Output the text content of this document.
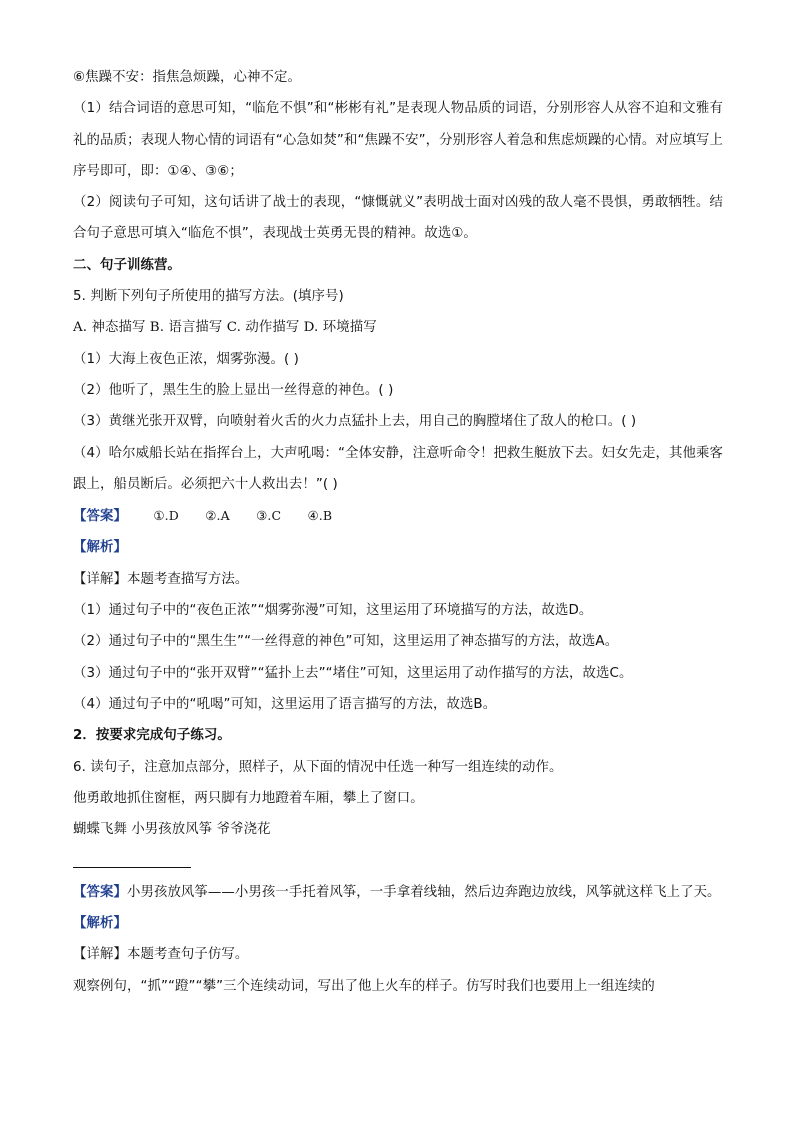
⑥焦躁不安：指焦急烦躁，心神不定。
（1）结合词语的意思可知，“临危不惧”和“彬彬有礼”是表现人物品质的词语，分别形容人从容不迫和文雅有礼的品质；表现人物心情的词语有“心急如焚”和“焦躁不安”，分别形容人着急和焦虑烦躁的心情。对应填写上序号即可，即：①④、③⑥；
（2）阅读句子可知，这句话讲了战士的表现，“慷慨就义”表明战士面对凶残的敌人毫不畏惧，勇敢牺牲。结合句子意思可填入“临危不惧”，表现战士英勇无畏的精神。故选①。
二、句子训练营。
5. 判断下列句子所使用的描写方法。(填序号)
A. 神态描写 B. 语言描写 C. 动作描写 D. 环境描写
（1）大海上夜色正浓，烟雾弥漫。( )
（2）他听了，黑生生的脸上显出一丝得意的神色。( )
（3）黄继光张开双臂，向喷射着火舌的火力点猛扑上去，用自己的胸膛堵住了敌人的枪口。( )
（4）哈尔威船长站在指挥台上，大声吼喝：“全体安静，注意听命令！把救生艇放下去。妇女先走，其他乘客跟上，船员断后。必须把六十人救出去！”( )
【答案】 ①.D ②.A ③.C ④.B
【解析】
【详解】本题考查描写方法。
（1）通过句子中的“夜色正浓”“烟雾弥漫”可知，这里运用了环境描写的方法，故选D。
（2）通过句子中的“黑生生”“一丝得意的神色”可知，这里运用了神态描写的方法，故选A。
（3）通过句子中的“张开双臂”“猛扑上去”“堵住”可知，这里运用了动作描写的方法，故选C。
（4）通过句子中的“吼喝”可知，这里运用了语言描写的方法，故选B。
2．按要求完成句子练习。
6. 读句子，注意加点部分，照样子，从下面的情况中任选一种写一组连续的动作。
他勇敢地抓住窗框，两只脚有力地蹬着车厢，攀上了窗口。
蝴蝶飞舞 小男孩放风筝 爷爷浇花
【答案】小男孩放风筝——小男孩一手托着风筝，一手拿着线轴，然后边奔跑边放线，风筝就这样飞上了天。
【解析】
【详解】本题考查句子仿写。
观察例句，“抓”“蹬”“攀”三个连续动词，写出了他上火车的样子。仿写时我们也要用上一组连续的
